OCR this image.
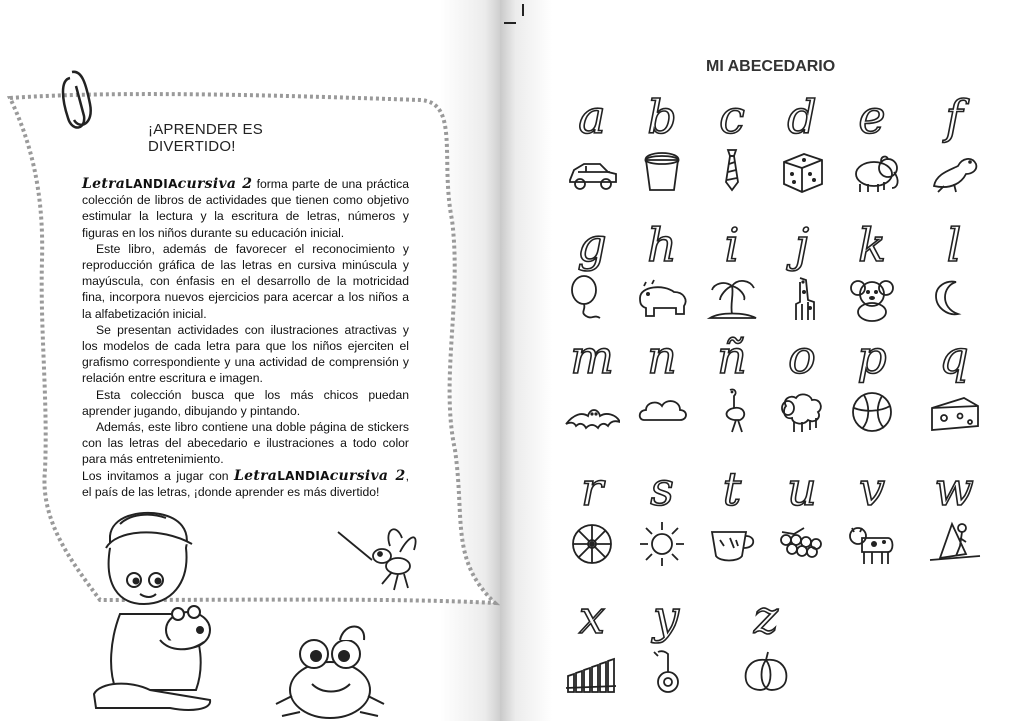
¡APRENDER ES DIVERTIDO!

LetraLANDIAcursiva 2 forma parte de una práctica colección de libros de actividades que tienen como objetivo estimular la lectura y la escritura de letras, números y figuras en los niños durante su educación inicial.

Este libro, además de favorecer el reconocimiento y reproducción gráfica de las letras en cursiva minúscula y mayúscula, con énfasis en el desarrollo de la motricidad fina, incorpora nuevos ejercicios para acercar a los niños a la alfabetización inicial.

Se presentan actividades con ilustraciones atractivas y los modelos de cada letra para que los niños ejerciten el grafismo correspondiente y una actividad de comprensión y relación entre escritura e imagen.

Esta colección busca que los más chicos puedan aprender jugando, dibujando y pintando.

Además, este libro contiene una doble página de stickers con las letras del abecedario e ilustraciones a todo color para más entretenimiento.

Los invitamos a jugar con LetraLANDIAcursiva 2, el país de las letras, ¡donde aprender es más divertido!

MI ABECEDARIO
a b c d e	f
g h	i	j	k	l
m n ñ o p	q
r	s	t u v	w
x	y	z
